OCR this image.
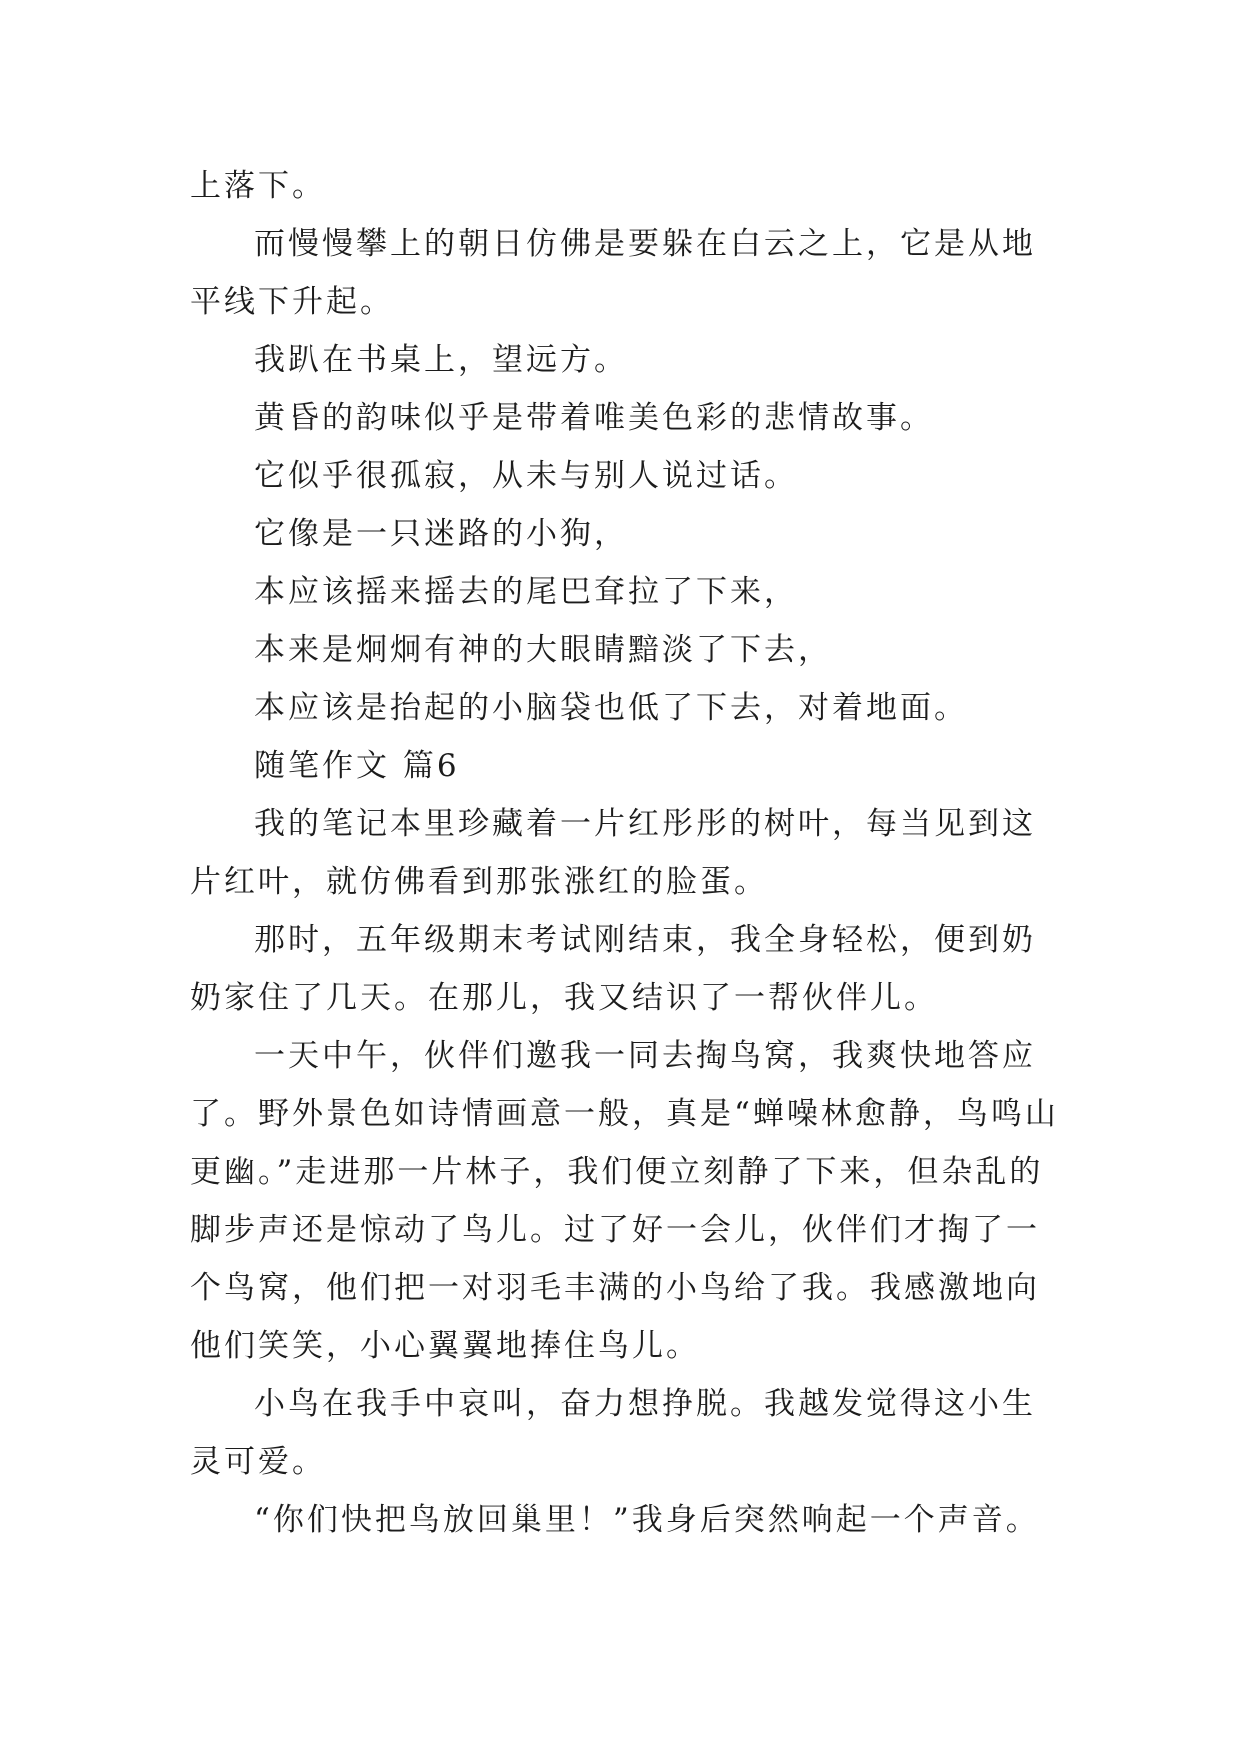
上落下。

而慢慢攀上的朝日仿佛是要躲在白云之上，它是从地平线下升起。

我趴在书桌上，望远方。

黄昏的韵味似乎是带着唯美色彩的悲情故事。

它似乎很孤寂，从未与别人说过话。

它像是一只迷路的小狗，

本应该摇来摇去的尾巴耷拉了下来，

本来是炯炯有神的大眼睛黯淡了下去，

本应该是抬起的小脑袋也低了下去，对着地面。

随笔作文 篇6

我的笔记本里珍藏着一片红彤彤的树叶，每当见到这片红叶，就仿佛看到那张涨红的脸蛋。

那时，五年级期末考试刚结束，我全身轻松，便到奶奶家住了几天。在那儿，我又结识了一帮伙伴儿。

一天中午，伙伴们邀我一同去掏鸟窝，我爽快地答应了。野外景色如诗情画意一般，真是“蝉噪林愈静，鸟鸣山更幽。”走进那一片林子，我们便立刻静了下来，但杂乱的脚步声还是惊动了鸟儿。过了好一会儿，伙伴们才掏了一个鸟窝，他们把一对羽毛丰满的小鸟给了我。我感激地向他们笑笑，小心翼翼地捧住鸟儿。

小鸟在我手中哀叫，奋力想挣脱。我越发觉得这小生灵可爱。

“你们快把鸟放回巢里！”我身后突然响起一个声音。
